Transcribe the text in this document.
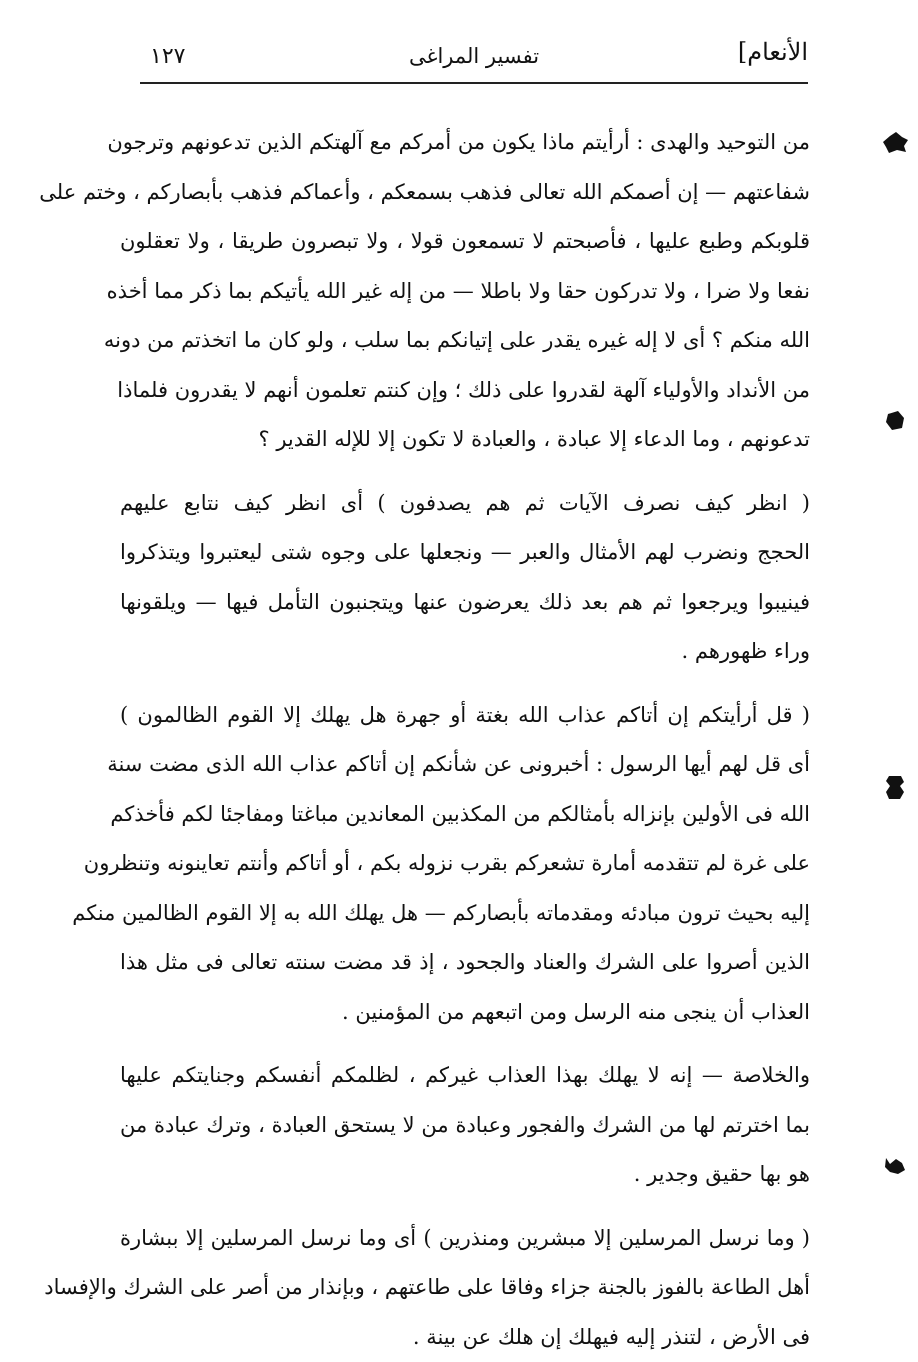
الأنعام]
تفسير المراغى
١٢٧
من التوحيد والهدى : أرأيتم ماذا يكون من أمركم مع آلهتكم الذين تدعونهم وترجون
شفاعتهم — إن أصمكم الله تعالى فذهب بسمعكم ، وأعماكم فذهب بأبصاركم ، وختم على
قلوبكم وطبع عليها ، فأصبحتم لا تسمعون قولا ، ولا تبصرون طريقا ، ولا تعقلون
نفعا ولا ضرا ، ولا تدركون حقا ولا باطلا — من إله غير الله يأتيكم بما ذكر مما أخذه
الله منكم ؟ أى لا إله غيره يقدر على إتيانكم بما سلب ، ولو كان ما اتخذتم من دونه
من الأنداد والأولياء آلهة لقدروا على ذلك ؛ وإن كنتم تعلمون أنهم لا يقدرون فلماذا
تدعونهم ، وما الدعاء إلا عبادة ، والعبادة لا تكون إلا للإله القدير ؟
( انظر كيف نصرف الآيات ثم هم يصدفون ) أى انظر كيف نتابع عليهم
الحجج ونضرب لهم الأمثال والعبر — ونجعلها على وجوه شتى ليعتبروا ويتذكروا
فينيبوا ويرجعوا ثم هم بعد ذلك يعرضون عنها ويتجنبون التأمل فيها — ويلقونها
وراء ظهورهم .
( قل أرأيتكم إن أتاكم عذاب الله بغتة أو جهرة هل يهلك إلا القوم الظالمون )
أى قل لهم أيها الرسول : أخبرونى عن شأنكم إن أتاكم عذاب الله الذى مضت سنة
الله فى الأولين بإنزاله بأمثالكم من المكذبين المعاندين مباغتا ومفاجئا لكم فأخذكم
على غرة لم تتقدمه أمارة تشعركم بقرب نزوله بكم ، أو أتاكم وأنتم تعاينونه وتنظرون
إليه بحيث ترون مبادئه ومقدماته بأبصاركم — هل يهلك الله به إلا القوم الظالمين منكم
الذين أصروا على الشرك والعناد والجحود ، إذ قد مضت سنته تعالى فى مثل هذا
العذاب أن ينجى منه الرسل ومن اتبعهم من المؤمنين .
والخلاصة — إنه لا يهلك بهذا العذاب غيركم ، لظلمكم أنفسكم وجنايتكم عليها
بما اخترتم لها من الشرك والفجور وعبادة من لا يستحق العبادة ، وترك عبادة من
هو بها حقيق وجدير .
( وما نرسل المرسلين إلا مبشرين ومنذرين ) أى وما نرسل المرسلين إلا ببشارة
أهل الطاعة بالفوز بالجنة جزاء وفاقا على طاعتهم ، وبإنذار من أصر على الشرك والإفساد
فى الأرض ، لتنذر إليه فيهلك إن هلك عن بينة .
